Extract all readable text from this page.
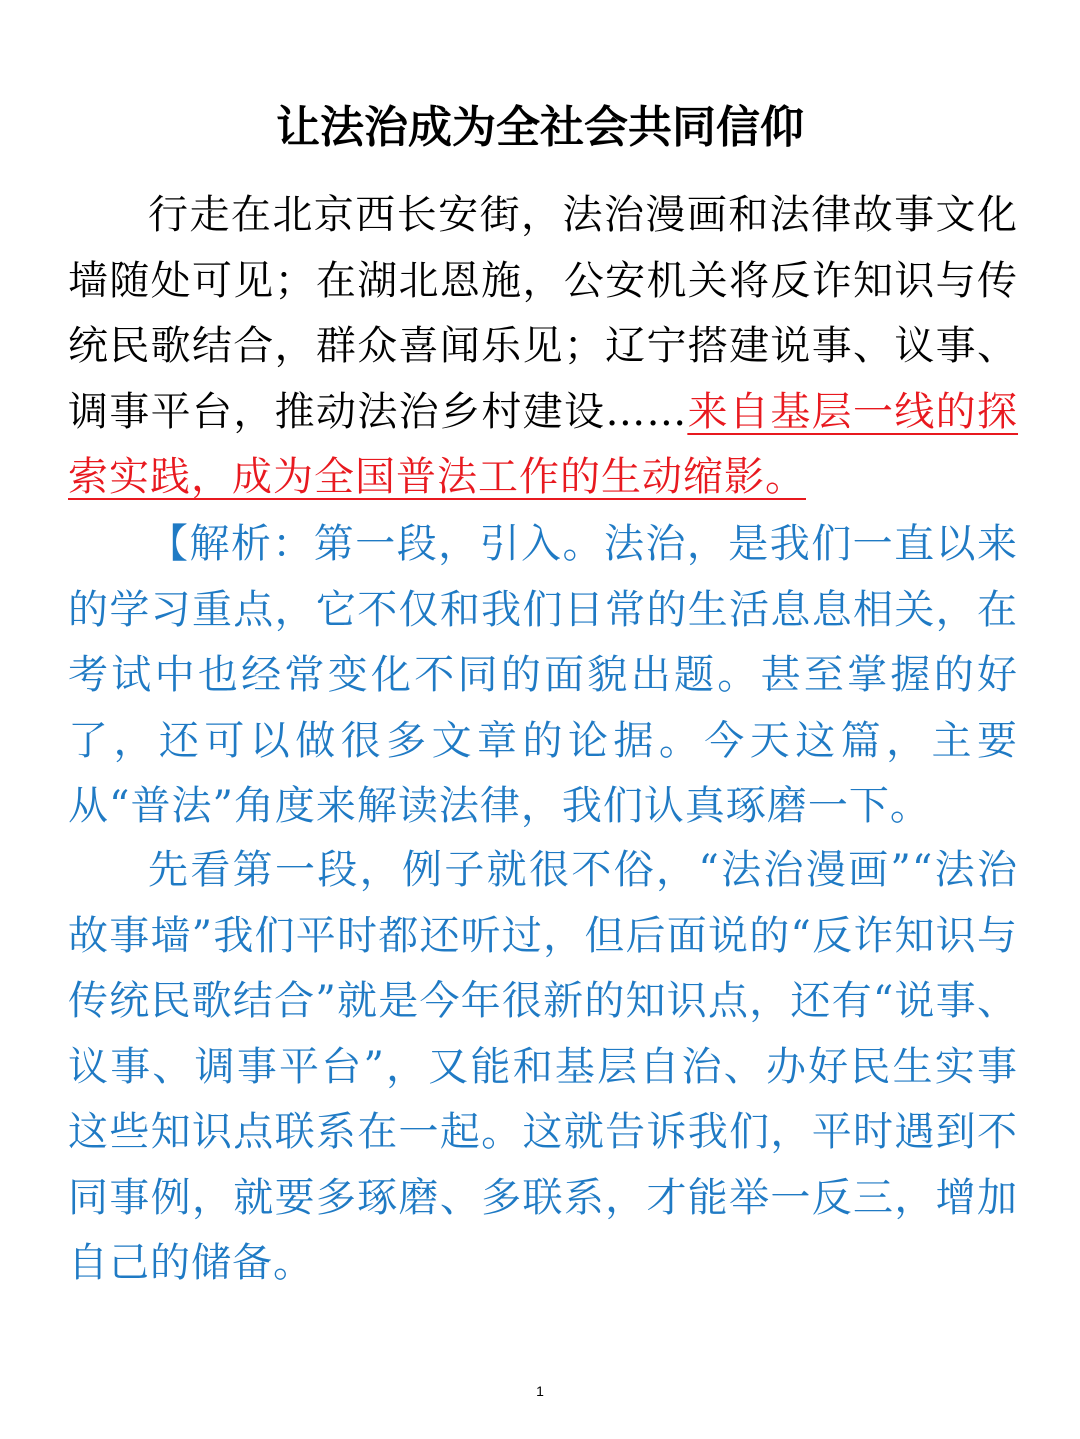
让法治成为全社会共同信仰

行走在北京西长安街，法治漫画和法律故事文化墙随处可见；在湖北恩施，公安机关将反诈知识与传统民歌结合，群众喜闻乐见；辽宁搭建说事、议事、调事平台，推动法治乡村建设……来自基层一线的探索实践，成为全国普法工作的生动缩影。

【解析：第一段，引入。法治，是我们一直以来的学习重点，它不仅和我们日常的生活息息相关，在考试中也经常变化不同的面貌出题。甚至掌握的好了，还可以做很多文章的论据。今天这篇，主要从“普法”角度来解读法律，我们认真琢磨一下。

先看第一段，例子就很不俗，“法治漫画”“法治故事墙”我们平时都还听过，但后面说的“反诈知识与传统民歌结合”就是今年很新的知识点，还有“说事、议事、调事平台”，又能和基层自治、办好民生实事这些知识点联系在一起。这就告诉我们，平时遇到不同事例，就要多琢磨、多联系，才能举一反三，增加自己的储备。

1
